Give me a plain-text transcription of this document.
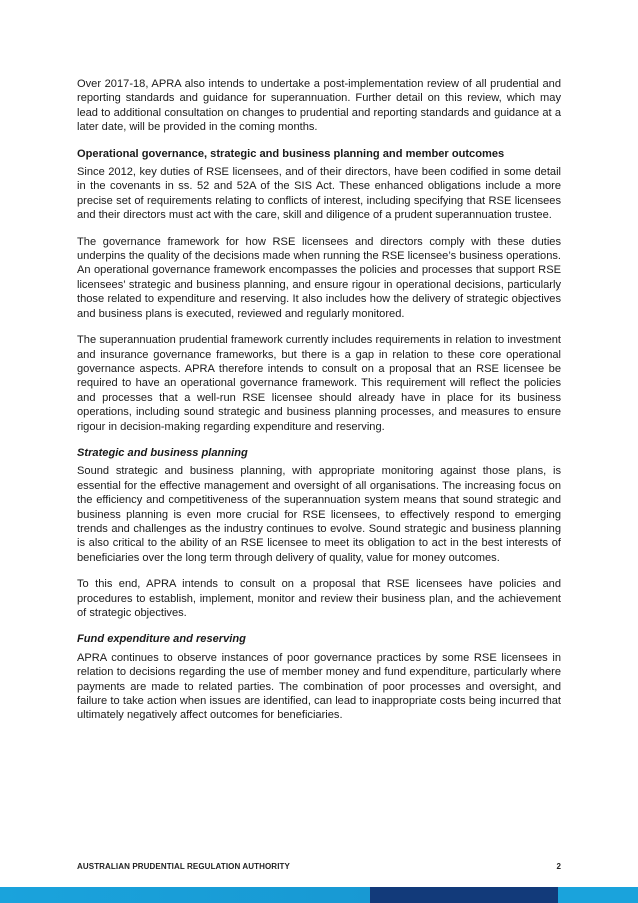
Over 2017-18, APRA also intends to undertake a post-implementation review of all prudential and reporting standards and guidance for superannuation. Further detail on this review, which may lead to additional consultation on changes to prudential and reporting standards and guidance at a later date, will be provided in the coming months.

Operational governance, strategic and business planning and member outcomes

Since 2012, key duties of RSE licensees, and of their directors, have been codified in some detail in the covenants in ss. 52 and 52A of the SIS Act. These enhanced obligations include a more precise set of requirements relating to conflicts of interest, including specifying that RSE licensees and their directors must act with the care, skill and diligence of a prudent superannuation trustee.

The governance framework for how RSE licensees and directors comply with these duties underpins the quality of the decisions made when running the RSE licensee’s business operations. An operational governance framework encompasses the policies and processes that support RSE licensees’ strategic and business planning, and ensure rigour in operational decisions, particularly those related to expenditure and reserving. It also includes how the delivery of strategic objectives and business plans is executed, reviewed and regularly monitored.

The superannuation prudential framework currently includes requirements in relation to investment and insurance governance frameworks, but there is a gap in relation to these core operational governance aspects. APRA therefore intends to consult on a proposal that an RSE licensee be required to have an operational governance framework. This requirement will reflect the policies and processes that a well-run RSE licensee should already have in place for its business operations, including sound strategic and business planning processes, and measures to ensure rigour in decision-making regarding expenditure and reserving.

Strategic and business planning

Sound strategic and business planning, with appropriate monitoring against those plans, is essential for the effective management and oversight of all organisations. The increasing focus on the efficiency and competitiveness of the superannuation system means that sound strategic and business planning is even more crucial for RSE licensees, to effectively respond to emerging trends and challenges as the industry continues to evolve. Sound strategic and business planning is also critical to the ability of an RSE licensee to meet its obligation to act in the best interests of beneficiaries over the long term through delivery of quality, value for money outcomes.

To this end, APRA intends to consult on a proposal that RSE licensees have policies and procedures to establish, implement, monitor and review their business plan, and the achievement of strategic objectives.

Fund expenditure and reserving

APRA continues to observe instances of poor governance practices by some RSE licensees in relation to decisions regarding the use of member money and fund expenditure, particularly where payments are made to related parties. The combination of poor processes and oversight, and failure to take action when issues are identified, can lead to inappropriate costs being incurred that ultimately negatively affect outcomes for beneficiaries.

AUSTRALIAN PRUDENTIAL REGULATION AUTHORITY	2
